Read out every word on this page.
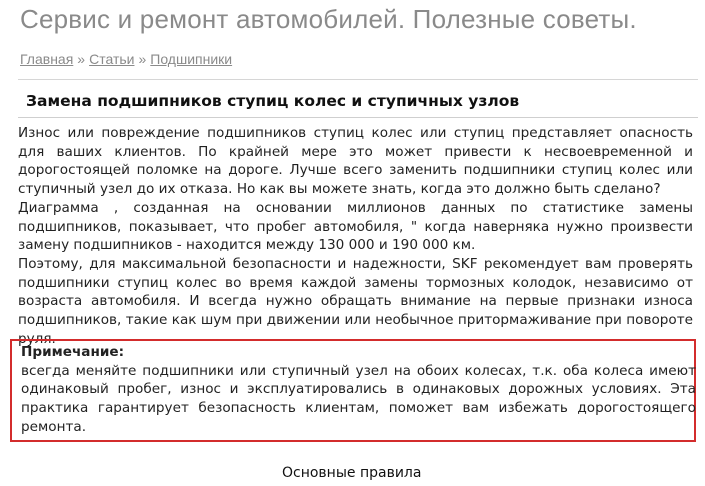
Сервис и ремонт автомобилей. Полезные советы.
Главная » Статьи » Подшипники
Замена подшипников ступиц колес и ступичных узлов

Износ или повреждение подшипников ступиц колес или ступиц представляет опасность для ваших клиентов. По крайней мере это может привести к несвоевременной и дорогостоящей поломке на дороге. Лучше всего заменить подшипники ступиц колес или ступичный узел до их отказа. Но как вы можете знать, когда это должно быть сделано?

Диаграмма , созданная на основании миллионов данных по статистике замены подшипников, показывает, что пробег автомобиля, " когда наверняка нужно произвести замену подшипников - находится между 130 000 и 190 000 км.

Поэтому, для максимальной безопасности и надежности, SKF рекомендует вам проверять подшипники ступиц колес во время каждой замены тормозных колодок, независимо от возраста автомобиля. И всегда нужно обращать внимание на первые признаки износа подшипников, такие как шум при движении или необычное притормаживание при повороте руля.

Примечание:

всегда меняйте подшипники или ступичный узел на обоих колесах, т.к. оба колеса имеют одинаковый пробег, износ и эксплуатировались в одинаковых дорожных условиях. Эта практика гарантирует безопасность клиентам, поможет вам избежать дорогостоящего ремонта.

Основные правила
